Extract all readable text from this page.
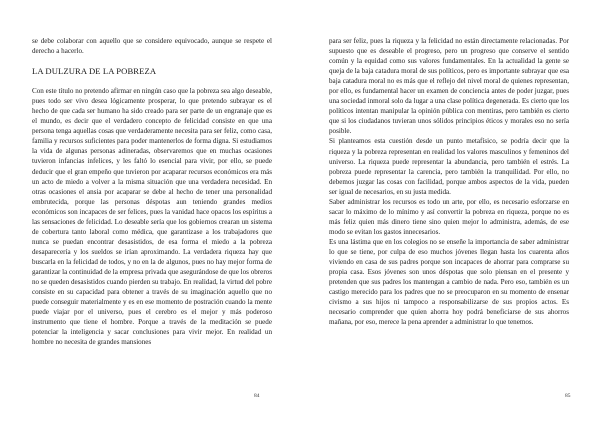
se debe colaborar con aquello que se considere equivocado, aunque se respete el derecho a hacerlo.

LA DULZURA DE LA POBREZA

Con este título no pretendo afirmar en ningún caso que la pobreza sea algo deseable, pues todo ser vivo desea lógicamente prosperar, lo que pretendo subrayar es el hecho de que cada ser humano ha sido creado para ser parte de un engranaje que es el mundo, es decir que el verdadero concepto de felicidad consiste en que una persona tenga aquellas cosas que verdaderamente necesita para ser feliz, como casa, familia y recursos suficientes para poder mantenerlos de forma digna. Si estudiamos la vida de algunas personas adineradas, observaremos que en muchas ocasiones tuvieron infancias infelices, y les faltó lo esencial para vivir, por ello, se puede deducir que el gran empeño que tuvieron por acaparar recursos económicos era más un acto de miedo a volver a la misma situación que una verdadera necesidad. En otras ocasiones el ansia por acaparar se debe al hecho de tener una personalidad embrutecida, porque las personas déspotas aun teniendo grandes medios económicos son incapaces de ser felices, pues la vanidad hace opacos los espíritus a las sensaciones de felicidad. Lo deseable sería que los gobiernos crearan un sistema de cobertura tanto laboral como médica, que garantizase a los trabajadores que nunca se puedan encontrar desasistidos, de esa forma el miedo a la pobreza desaparecería y los sueldos se irían aproximando. La verdadera riqueza hay que buscarla en la felicidad de todos, y no en la de algunos, pues no hay mejor forma de garantizar la continuidad de la empresa privada que asegurándose de que los obreros no se queden desasistidos cuando pierden su trabajo. En realidad, la virtud del pobre consiste en su capacidad para obtener a través de su imaginación aquello que no puede conseguir materialmente y es en ese momento de postración cuando la mente puede viajar por el universo, pues el cerebro es el mejor y más poderoso instrumento que tiene el hombre. Porque a través de la meditación se puede potenciar la inteligencia y sacar conclusiones para vivir mejor. En realidad un hombre no necesita de grandes mansiones

84

para ser feliz, pues la riqueza y la felicidad no están directamente relacionadas. Por supuesto que es deseable el progreso, pero un progreso que conserve el sentido común y la equidad como sus valores fundamentales. En la actualidad la gente se queja de la baja catadura moral de sus políticos, pero es importante subrayar que esa baja catadura moral no es más que el reflejo del nivel moral de quienes representan, por ello, es fundamental hacer un examen de conciencia antes de poder juzgar, pues una sociedad inmoral solo da lugar a una clase política degenerada. Es cierto que los políticos intentan manipular la opinión pública con mentiras, pero también es cierto que si los ciudadanos tuvieran unos sólidos principios éticos y morales eso no sería posible.

Si planteamos esta cuestión desde un punto metafísico, se podría decir que la riqueza y la pobreza representan en realidad los valores masculinos y femeninos del universo. La riqueza puede representar la abundancia, pero también el estrés. La pobreza puede representar la carencia, pero también la tranquilidad. Por ello, no debemos juzgar las cosas con facilidad, porque ambos aspectos de la vida, pueden ser igual de necesarios, en su justa medida.

Saber administrar los recursos es todo un arte, por ello, es necesario esforzarse en sacar lo máximo de lo mínimo y así convertir la pobreza en riqueza, porque no es más feliz quien más dinero tiene sino quien mejor lo administra, además, de ese modo se evitan los gastos innecesarios.

Es una lástima que en los colegios no se enseñe la importancia de saber administrar lo que se tiene, por culpa de eso muchos jóvenes llegan hasta los cuarenta años viviendo en casa de sus padres porque son incapaces de ahorrar para comprarse su propia casa. Esos jóvenes son unos déspotas que solo piensan en el presente y pretenden que sus padres los mantengan a cambio de nada. Pero eso, también es un castigo merecido para los padres que no se preocuparon en su momento de ensenar civismo a sus hijos ni tampoco a responsabilizarse de sus propios actos. Es necesario comprender que quien ahorra hoy podrá beneficiarse de sus ahorros mañana, por eso, merece la pena aprender a administrar lo que tenemos.

85
